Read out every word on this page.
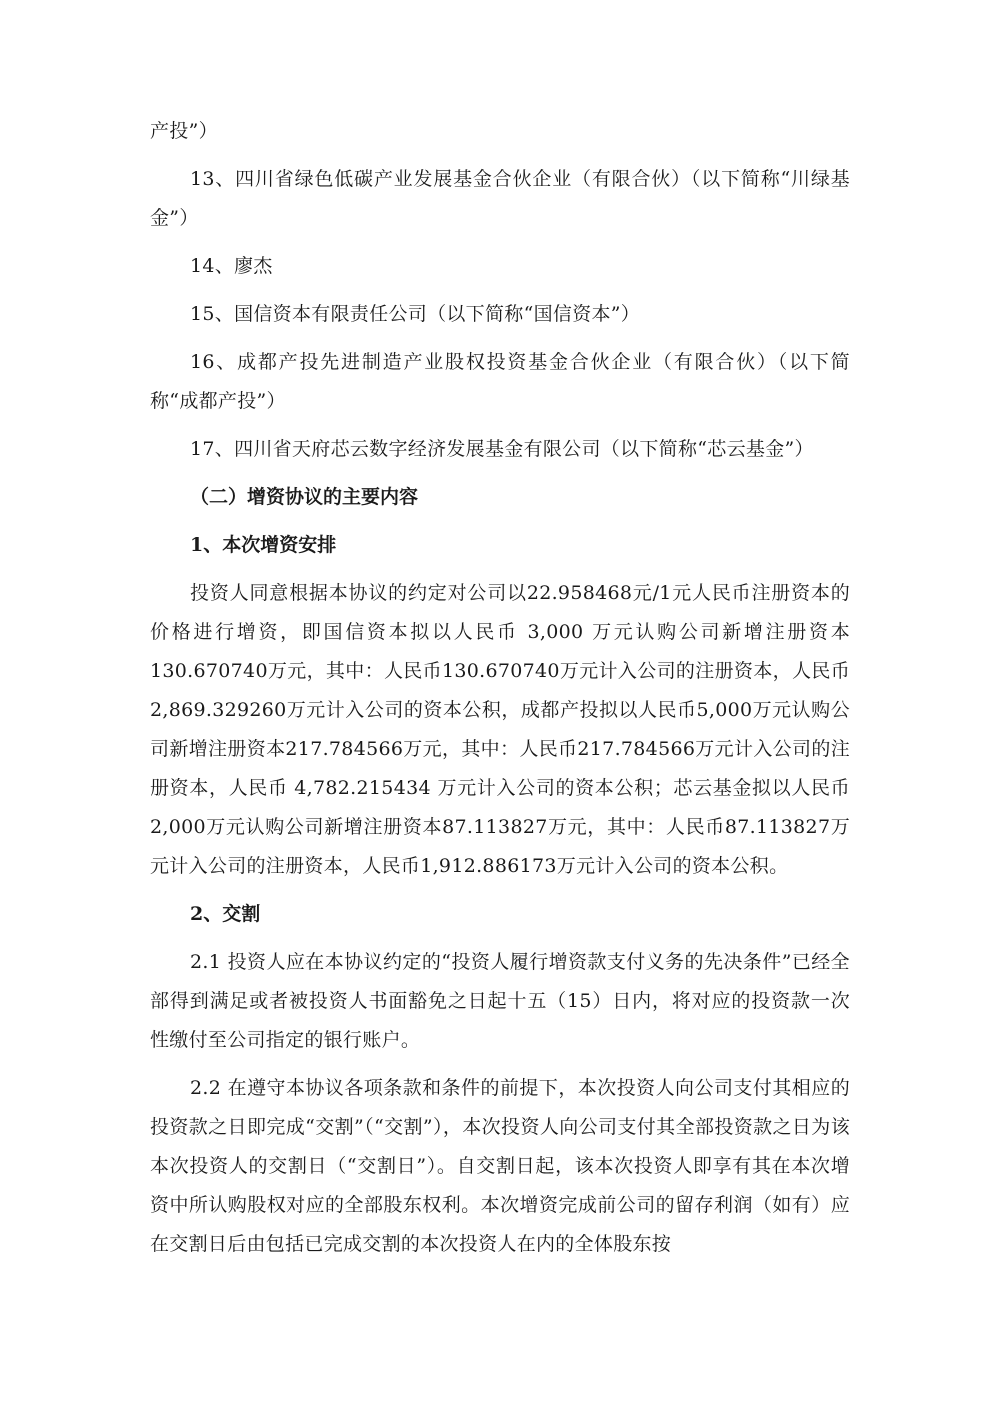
产投”）

13、四川省绿色低碳产业发展基金合伙企业（有限合伙）（以下简称“川绿基金”）

14、廖杰

15、国信资本有限责任公司（以下简称“国信资本”）

16、成都产投先进制造产业股权投资基金合伙企业（有限合伙）（以下简称“成都产投”）

17、四川省天府芯云数字经济发展基金有限公司（以下简称“芯云基金”）

（二）增资协议的主要内容

1、本次增资安排

投资人同意根据本协议的约定对公司以22.958468元/1元人民币注册资本的价格进行增资，即国信资本拟以人民币 3,000 万元认购公司新增注册资本130.670740万元，其中：人民币130.670740万元计入公司的注册资本，人民币2,869.329260万元计入公司的资本公积，成都产投拟以人民币5,000万元认购公司新增注册资本217.784566万元，其中：人民币217.784566万元计入公司的注册资本，人民币 4,782.215434 万元计入公司的资本公积；芯云基金拟以人民币2,000万元认购公司新增注册资本87.113827万元，其中：人民币87.113827万元计入公司的注册资本，人民币1,912.886173万元计入公司的资本公积。

2、交割

2.1 投资人应在本协议约定的“投资人履行增资款支付义务的先决条件”已经全部得到满足或者被投资人书面豁免之日起十五（15）日内，将对应的投资款一次性缴付至公司指定的银行账户。

2.2 在遵守本协议各项条款和条件的前提下，本次投资人向公司支付其相应的投资款之日即完成“交割”（“交割”），本次投资人向公司支付其全部投资款之日为该本次投资人的交割日（“交割日”）。自交割日起，该本次投资人即享有其在本次增资中所认购股权对应的全部股东权利。本次增资完成前公司的留存利润（如有）应在交割日后由包括已完成交割的本次投资人在内的全体股东按
